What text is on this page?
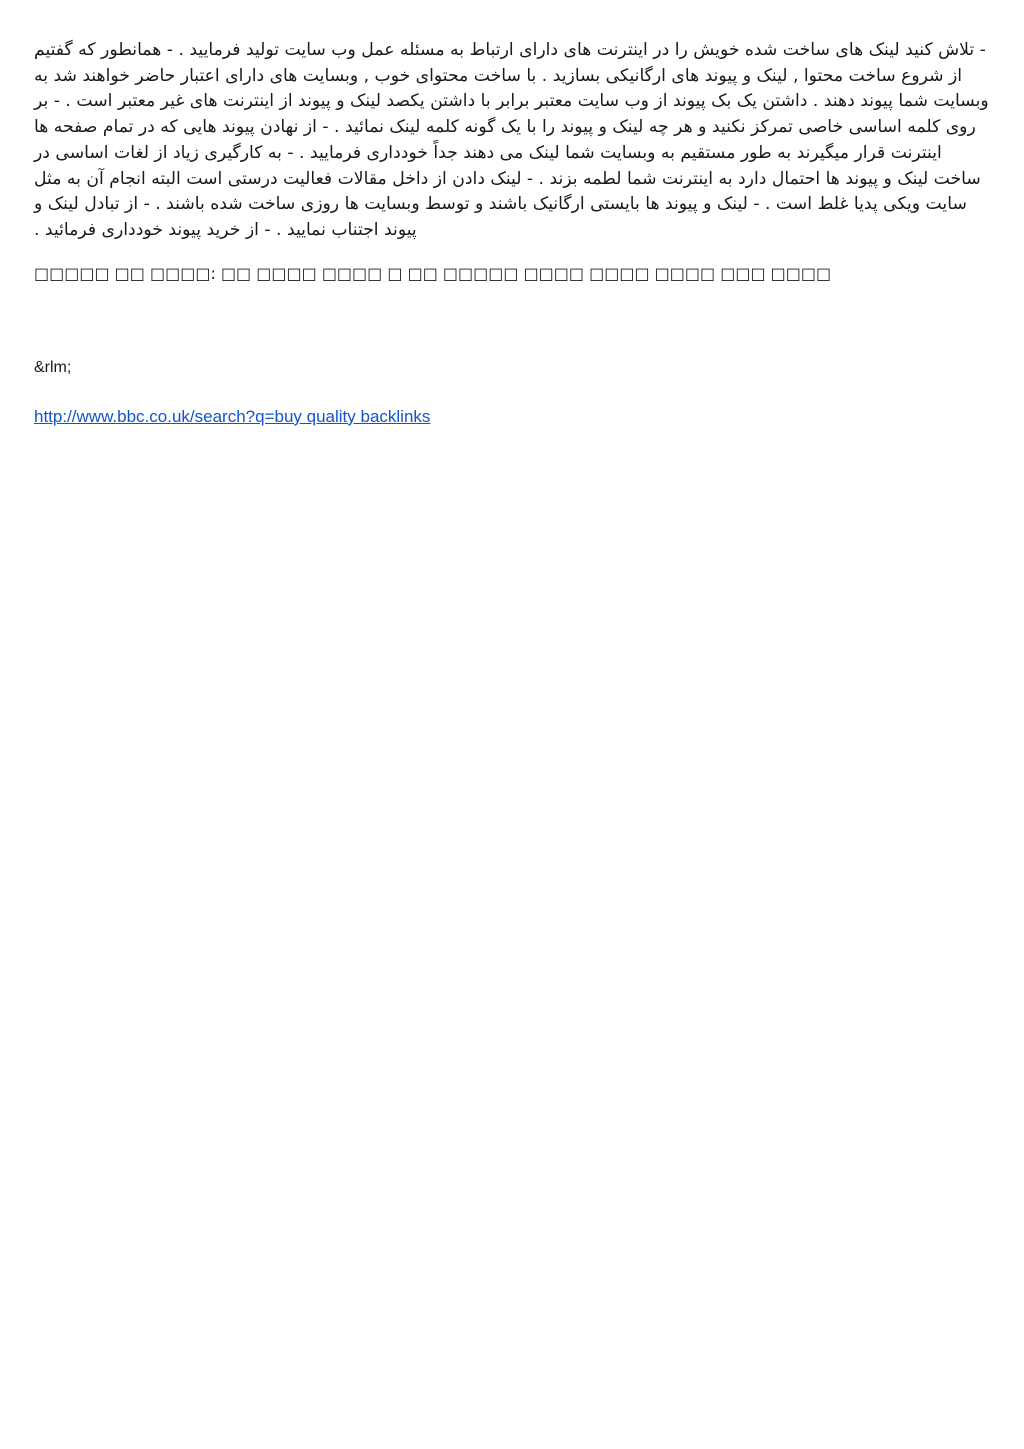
- تلاش کنید لینک های ساخت شده خویش را در اینترنت های دارای ارتباط به مسئله عمل وب سایت تولید فرمایید . - همانطور که گفتیم از شروع ساخت محتوا , لینک و پیوند های ارگانیکی بسازید . با ساخت محتوای خوب , وبسایت های دارای اعتبار حاضر خواهند شد به وبسایت شما پیوند دهند . داشتن یک بک پیوند از وب سایت معتبر برابر با داشتن یکصد لینک و پیوند از اینترنت های غیر معتبر است . - بر روی کلمه اساسی خاصی تمرکز نکنید و هر چه لینک و پیوند را با یک گونه کلمه لینک نمائید . - از نهادن پیوند هایی که در تمام صفحه ها اینترنت قرار میگیرند به طور مستقیم به وبسایت شما لینک می دهند جداً خودداری فرمایید . - به کارگیری زیاد از لغات اساسی در ساخت لینک و پیوند ها احتمال دارد به اینترنت شما لطمه بزند . - لینک دادن از داخل مقالات فعالیت درستی است البته انجام آن به مثل سایت ویکی پدیا غلط است . - لینک و پیوند ها بایستی ارگانیک باشند و توسط وبسایت ها روزی ساخت شده باشند . - از تبادل لینک و پیوند اجتناب نمایید . - از خرید پیوند خودداری فرمائید .

□□□□□ □□ □□□□: □□ □□□□ □□□□ □ □□ □□□□□ □□□□ □□□□ □□□□ □□□ □□□□
&rlm;
http://www.bbc.co.uk/search?q=buy quality backlinks
